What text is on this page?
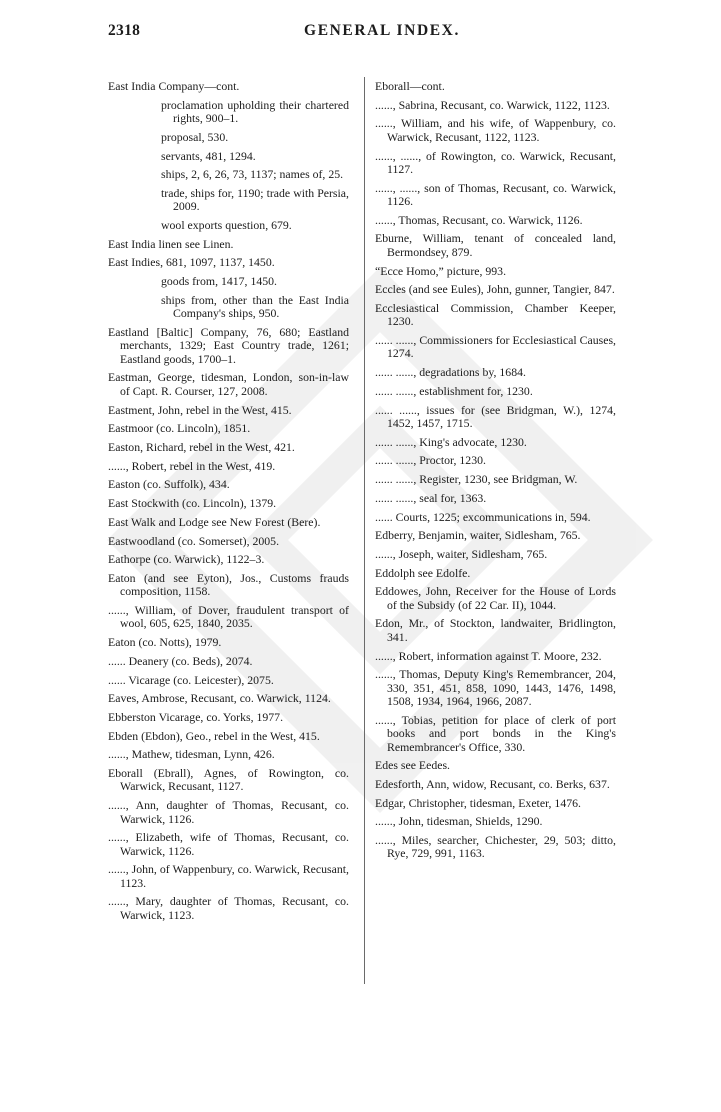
2318	GENERAL INDEX.

East India Company—cont.

proclamation upholding their chartered rights, 900–1.

proposal, 530.

servants, 481, 1294.

ships, 2, 6, 26, 73, 1137; names of, 25.

trade, ships for, 1190; trade with Persia, 2009.

wool exports question, 679.

East India linen see Linen.

East Indies, 681, 1097, 1137, 1450.

goods from, 1417, 1450.

ships from, other than the East India Company's ships, 950.

Eastland [Baltic] Company, 76, 680; Eastland merchants, 1329; East Country trade, 1261; Eastland goods, 1700–1.

Eastman, George, tidesman, London, son-in-law of Capt. R. Courser, 127, 2008.

Eastment, John, rebel in the West, 415.

Eastmoor (co. Lincoln), 1851.

Easton, Richard, rebel in the West, 421.

......, Robert, rebel in the West, 419.

Easton (co. Suffolk), 434.

East Stockwith (co. Lincoln), 1379.

East Walk and Lodge see New Forest (Bere).

Eastwoodland (co. Somerset), 2005.

Eathorpe (co. Warwick), 1122–3.

Eaton (and see Eyton), Jos., Customs frauds composition, 1158.

......, William, of Dover, fraudulent transport of wool, 605, 625, 1840, 2035.

Eaton (co. Notts), 1979.

...... Deanery (co. Beds), 2074.

...... Vicarage (co. Leicester), 2075.

Eaves, Ambrose, Recusant, co. Warwick, 1124.

Ebberston Vicarage, co. Yorks, 1977.

Ebden (Ebdon), Geo., rebel in the West, 415.

......, Mathew, tidesman, Lynn, 426.

Eborall (Ebrall), Agnes, of Rowington, co. Warwick, Recusant, 1127.

......, Ann, daughter of Thomas, Recusant, co. Warwick, 1126.

......, Elizabeth, wife of Thomas, Recusant, co. Warwick, 1126.

......, John, of Wappenbury, co. Warwick, Recusant, 1123.

......, Mary, daughter of Thomas, Recusant, co. Warwick, 1123.

Eborall—cont.

......, Sabrina, Recusant, co. Warwick, 1122, 1123.

......, William, and his wife, of Wappenbury, co. Warwick, Recusant, 1122, 1123.

......, ......, of Rowington, co. Warwick, Recusant, 1127.

......, ......, son of Thomas, Recusant, co. Warwick, 1126.

......, Thomas, Recusant, co. Warwick, 1126.

Eburne, William, tenant of concealed land, Bermondsey, 879.

“Ecce Homo,” picture, 993.

Eccles (and see Eules), John, gunner, Tangier, 847.

Ecclesiastical Commission, Chamber Keeper, 1230.

...... ......, Commissioners for Ecclesiastical Causes, 1274.

...... ......, degradations by, 1684.

...... ......, establishment for, 1230.

...... ......, issues for (see Bridgman, W.), 1274, 1452, 1457, 1715.

...... ......, King's advocate, 1230.

...... ......, Proctor, 1230.

...... ......, Register, 1230, see Bridgman, W.

...... ......, seal for, 1363.

...... Courts, 1225; excommunications in, 594.

Edberry, Benjamin, waiter, Sidlesham, 765.

......, Joseph, waiter, Sidlesham, 765.

Eddolph see Edolfe.

Eddowes, John, Receiver for the House of Lords of the Subsidy (of 22 Car. II), 1044.

Edon, Mr., of Stockton, landwaiter, Bridlington, 341.

......, Robert, information against T. Moore, 232.

......, Thomas, Deputy King's Remembrancer, 204, 330, 351, 451, 858, 1090, 1443, 1476, 1498, 1508, 1934, 1964, 1966, 2087.

......, Tobias, petition for place of clerk of port books and port bonds in the King's Remembrancer's Office, 330.

Edes see Eedes.

Edesforth, Ann, widow, Recusant, co. Berks, 637.

Edgar, Christopher, tidesman, Exeter, 1476.

......, John, tidesman, Shields, 1290.

......, Miles, searcher, Chichester, 29, 503; ditto, Rye, 729, 991, 1163.
